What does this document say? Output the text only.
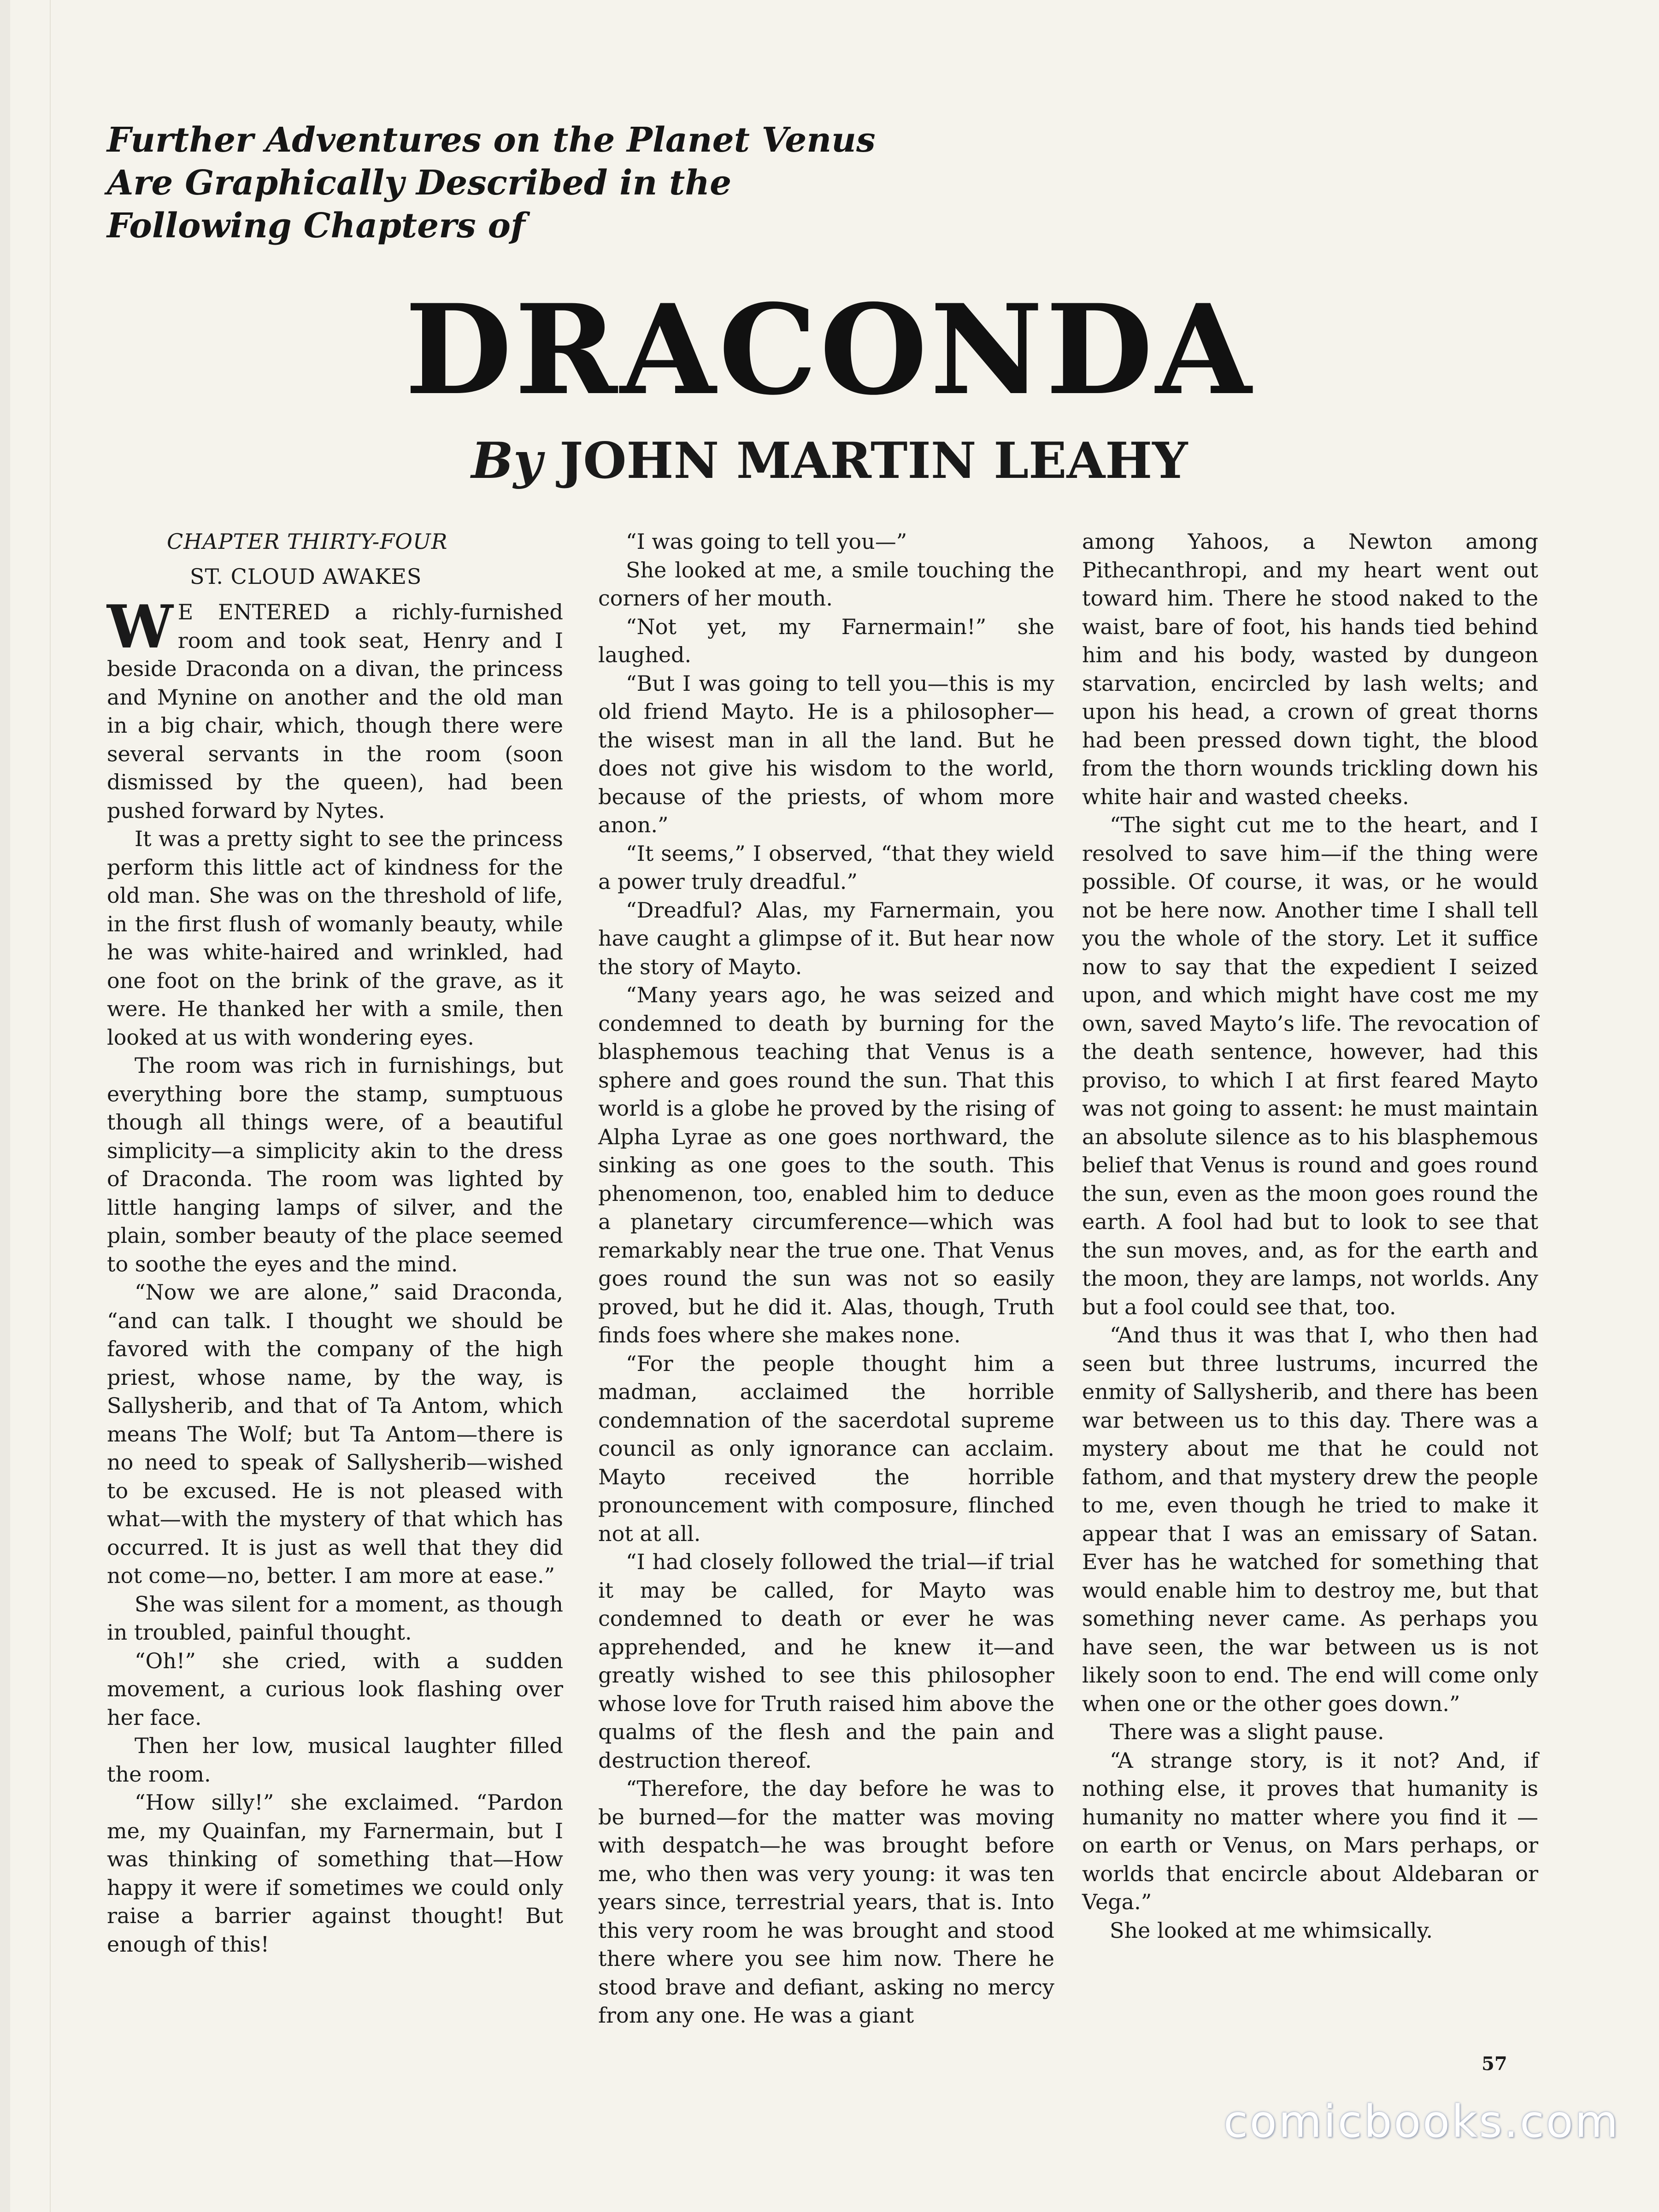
Further Adventures on the Planet Venus
Are Graphically Described in the
Following Chapters of
DRACONDA
By JOHN MARTIN LEAHY
CHAPTER THIRTY-FOUR
ST. CLOUD AWAKES

W E ENTERED a richly-furnished room and took seat, Henry and I beside Draconda on a divan, the princess and Mynine on another and the old man in a big chair, which, though there were several servants in the room (soon dismissed by the queen), had been pushed forward by Nytes.

It was a pretty sight to see the princess perform this little act of kindness for the old man. She was on the threshold of life, in the first flush of womanly beauty, while he was white-haired and wrinkled, had one foot on the brink of the grave, as it were. He thanked her with a smile, then looked at us with wondering eyes.

The room was rich in furnishings, but everything bore the stamp, sumptuous though all things were, of a beautiful simplicity—a simplicity akin to the dress of Draconda. The room was lighted by little hanging lamps of silver, and the plain, somber beauty of the place seemed to soothe the eyes and the mind.

“Now we are alone,” said Draconda, “and can talk. I thought we should be favored with the company of the high priest, whose name, by the way, is Sallysherib, and that of Ta Antom, which means The Wolf; but Ta Antom—there is no need to speak of Sallysherib—wished to be excused. He is not pleased with what—with the mystery of that which has occurred. It is just as well that they did not come—no, better. I am more at ease.”

She was silent for a moment, as though in troubled, painful thought.

“Oh!” she cried, with a sudden movement, a curious look flashing over her face.

Then her low, musical laughter filled the room.

“How silly!” she exclaimed. “Pardon me, my Quainfan, my Farnermain, but I was thinking of something that—How happy it were if sometimes we could only raise a barrier against thought! But enough of this!

“I was going to tell you—”

She looked at me, a smile touching the corners of her mouth.

“Not yet, my Farnermain!” she laughed.

“But I was going to tell you—this is my old friend Mayto. He is a philosopher—the wisest man in all the land. But he does not give his wisdom to the world, because of the priests, of whom more anon.”

“It seems,” I observed, “that they wield a power truly dreadful.”

“Dreadful? Alas, my Farnermain, you have caught a glimpse of it. But hear now the story of Mayto.

“Many years ago, he was seized and condemned to death by burning for the blasphemous teaching that Venus is a sphere and goes round the sun. That this world is a globe he proved by the rising of Alpha Lyrae as one goes northward, the sinking as one goes to the south. This phenomenon, too, enabled him to deduce a planetary circumference—which was remarkably near the true one. That Venus goes round the sun was not so easily proved, but he did it. Alas, though, Truth finds foes where she makes none.

“For the people thought him a madman, acclaimed the horrible condemnation of the sacerdotal supreme council as only ignorance can acclaim. Mayto received the horrible pronouncement with composure, flinched not at all.

“I had closely followed the trial—if trial it may be called, for Mayto was condemned to death or ever he was apprehended, and he knew it—and greatly wished to see this philosopher whose love for Truth raised him above the qualms of the flesh and the pain and destruction thereof.

“Therefore, the day before he was to be burned—for the matter was moving with despatch—he was brought before me, who then was very young: it was ten years since, terrestrial years, that is. Into this very room he was brought and stood there where you see him now. There he stood brave and defiant, asking no mercy from any one. He was a giant

among Yahoos, a Newton among Pithecanthropi, and my heart went out toward him. There he stood naked to the waist, bare of foot, his hands tied behind him and his body, wasted by dungeon starvation, encircled by lash welts; and upon his head, a crown of great thorns had been pressed down tight, the blood from the thorn wounds trickling down his white hair and wasted cheeks.

“The sight cut me to the heart, and I resolved to save him—if the thing were possible. Of course, it was, or he would not be here now. Another time I shall tell you the whole of the story. Let it suffice now to say that the expedient I seized upon, and which might have cost me my own, saved Mayto’s life. The revocation of the death sentence, however, had this proviso, to which I at first feared Mayto was not going to assent: he must maintain an absolute silence as to his blasphemous belief that Venus is round and goes round the sun, even as the moon goes round the earth. A fool had but to look to see that the sun moves, and, as for the earth and the moon, they are lamps, not worlds. Any but a fool could see that, too.

“And thus it was that I, who then had seen but three lustrums, incurred the enmity of Sallysherib, and there has been war between us to this day. There was a mystery about me that he could not fathom, and that mystery drew the people to me, even though he tried to make it appear that I was an emissary of Satan. Ever has he watched for something that would enable him to destroy me, but that something never came. As perhaps you have seen, the war between us is not likely soon to end. The end will come only when one or the other goes down.”

There was a slight pause.

“A strange story, is it not? And, if nothing else, it proves that humanity is humanity no matter where you find it —on earth or Venus, on Mars perhaps, or worlds that encircle about Aldebaran or Vega.”

She looked at me whimsically.

57
comicbooks.com
